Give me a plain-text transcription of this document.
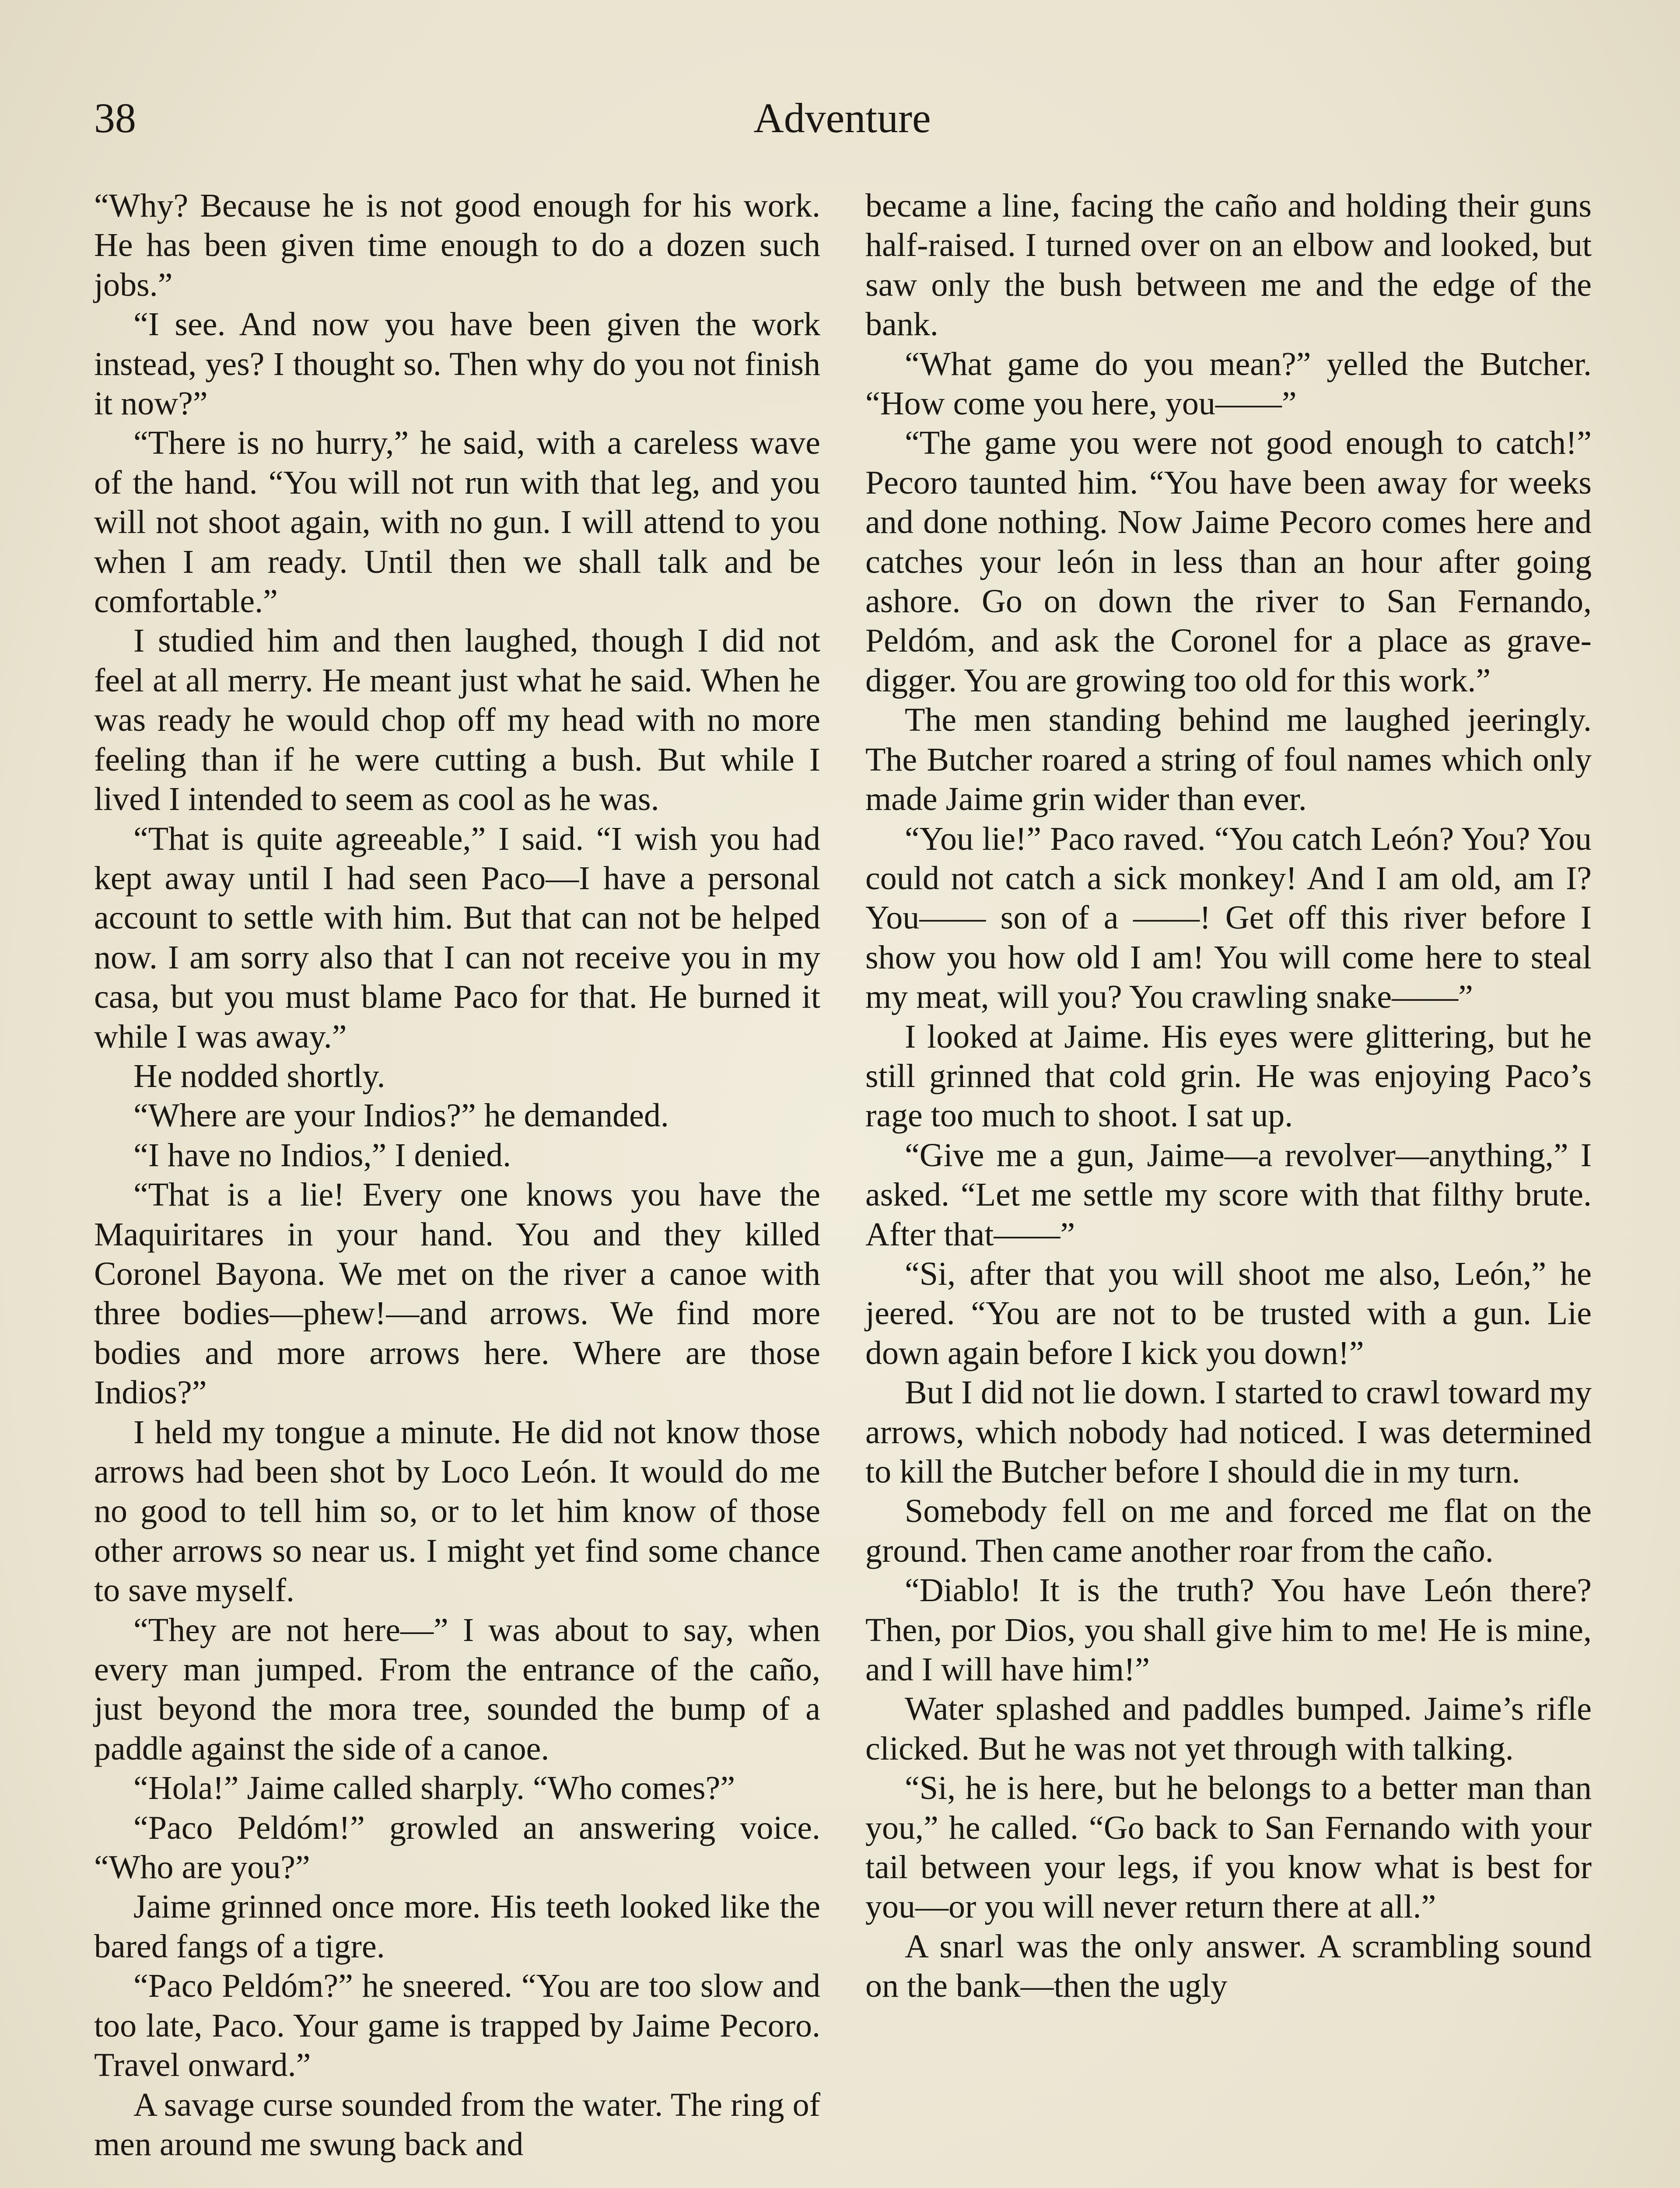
38	Adventure

“Why? Because he is not good enough for his work. He has been given time enough to do a dozen such jobs.”

“I see. And now you have been given the work instead, yes? I thought so. Then why do you not finish it now?”

“There is no hurry,” he said, with a careless wave of the hand. “You will not run with that leg, and you will not shoot again, with no gun. I will attend to you when I am ready. Until then we shall talk and be comfortable.”

I studied him and then laughed, though I did not feel at all merry. He meant just what he said. When he was ready he would chop off my head with no more feeling than if he were cutting a bush. But while I lived I intended to seem as cool as he was.

“That is quite agreeable,” I said. “I wish you had kept away until I had seen Paco—I have a personal account to settle with him. But that can not be helped now. I am sorry also that I can not receive you in my casa, but you must blame Paco for that. He burned it while I was away.”

He nodded shortly.

“Where are your Indios?” he demanded.

“I have no Indios,” I denied.

“That is a lie! Every one knows you have the Maquiritares in your hand. You and they killed Coronel Bayona. We met on the river a canoe with three bodies—phew!—and arrows. We find more bodies and more arrows here. Where are those Indios?”

I held my tongue a minute. He did not know those arrows had been shot by Loco León. It would do me no good to tell him so, or to let him know of those other arrows so near us. I might yet find some chance to save myself.

“They are not here—” I was about to say, when every man jumped. From the entrance of the caño, just beyond the mora tree, sounded the bump of a paddle against the side of a canoe.

“Hola!” Jaime called sharply. “Who comes?”

“Paco Peldóm!” growled an answering voice. “Who are you?”

Jaime grinned once more. His teeth looked like the bared fangs of a tigre.

“Paco Peldóm?” he sneered. “You are too slow and too late, Paco. Your game is trapped by Jaime Pecoro. Travel onward.”

A savage curse sounded from the water. The ring of men around me swung back and

became a line, facing the caño and holding their guns half-raised. I turned over on an elbow and looked, but saw only the bush between me and the edge of the bank.

“What game do you mean?” yelled the Butcher. “How come you here, you——”

“The game you were not good enough to catch!” Pecoro taunted him. “You have been away for weeks and done nothing. Now Jaime Pecoro comes here and catches your león in less than an hour after going ashore. Go on down the river to San Fernando, Peldóm, and ask the Coronel for a place as grave-digger. You are growing too old for this work.”

The men standing behind me laughed jeeringly. The Butcher roared a string of foul names which only made Jaime grin wider than ever.

“You lie!” Paco raved. “You catch León? You? You could not catch a sick monkey! And I am old, am I? You—— son of a ——! Get off this river before I show you how old I am! You will come here to steal my meat, will you? You crawling snake——”

I looked at Jaime. His eyes were glittering, but he still grinned that cold grin. He was enjoying Paco’s rage too much to shoot. I sat up.

“Give me a gun, Jaime—a revolver—anything,” I asked. “Let me settle my score with that filthy brute. After that——”

“Si, after that you will shoot me also, León,” he jeered. “You are not to be trusted with a gun. Lie down again before I kick you down!”

But I did not lie down. I started to crawl toward my arrows, which nobody had noticed. I was determined to kill the Butcher before I should die in my turn.

Somebody fell on me and forced me flat on the ground. Then came another roar from the caño.

“Diablo! It is the truth? You have León there? Then, por Dios, you shall give him to me! He is mine, and I will have him!”

Water splashed and paddles bumped. Jaime’s rifle clicked. But he was not yet through with talking.

“Si, he is here, but he belongs to a better man than you,” he called. “Go back to San Fernando with your tail between your legs, if you know what is best for you—or you will never return there at all.”

A snarl was the only answer. A scrambling sound on the bank—then the ugly
